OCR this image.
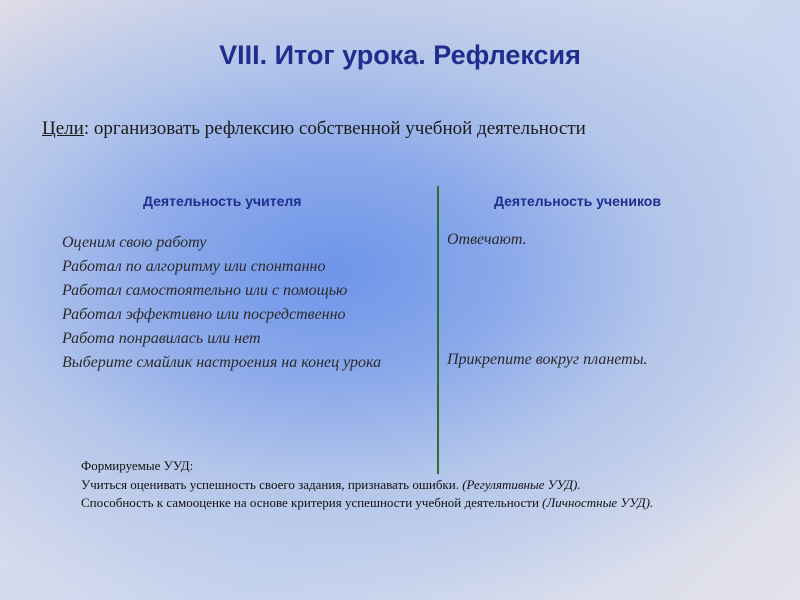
VIII. Итог урока. Рефлексия
Цели: организовать рефлексию собственной учебной деятельности
Деятельность учителя	Деятельность учеников
Оценим свою работу
Работал по алгоритму или спонтанно
Работал самостоятельно или с помощью
Работал эффективно или посредственно
Работа понравилась или нет
Выберите смайлик настроения на конец урока
Отвечают.
Прикрепите вокруг планеты.
Формируемые УУД:
Учиться оценивать успешность своего задания, признавать ошибки. (Регулятивные УУД).
Способность к самооценке на основе критерия успешности учебной деятельности (Личностные УУД).
